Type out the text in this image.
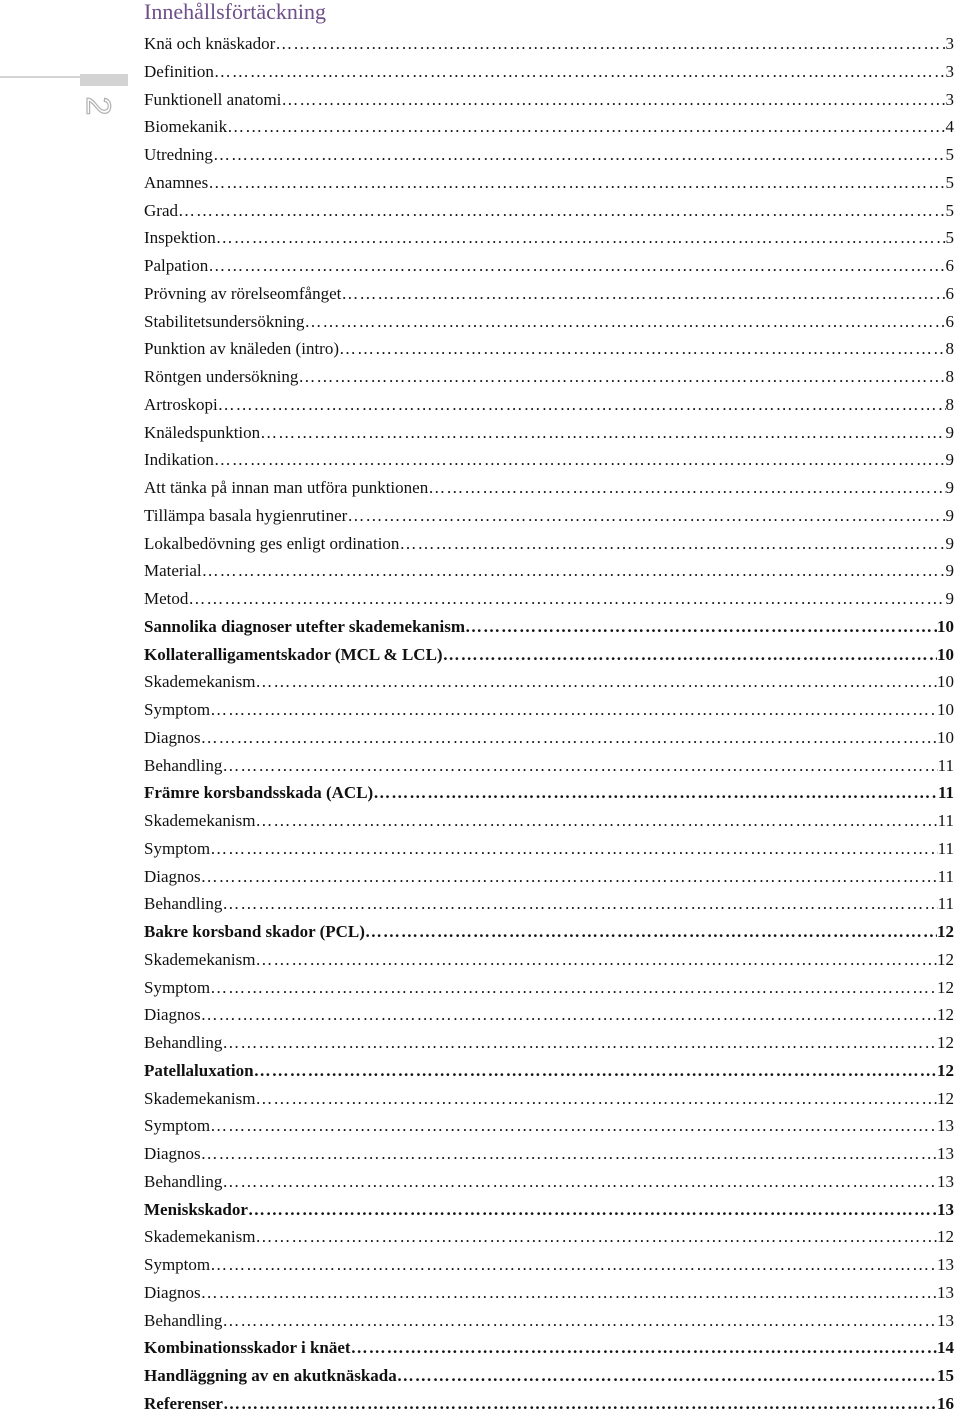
2
Innehållsförtäckning
Knä och knäskador ……………………………………………………………………………………………………………………………………………………………………………	3
Definition ……………………………………………………………………………………………………………………………………………………………………………	3
Funktionell anatomi ……………………………………………………………………………………………………………………………………………………………………………	3
Biomekanik ……………………………………………………………………………………………………………………………………………………………………………	4
Utredning ……………………………………………………………………………………………………………………………………………………………………………	5
Anamnes ……………………………………………………………………………………………………………………………………………………………………………	5
Grad ……………………………………………………………………………………………………………………………………………………………………………	5
Inspektion ……………………………………………………………………………………………………………………………………………………………………………	5
Palpation ……………………………………………………………………………………………………………………………………………………………………………	6
Prövning av rörelseomfånget ……………………………………………………………………………………………………………………………………………………………………………	6
Stabilitetsundersökning ……………………………………………………………………………………………………………………………………………………………………………	6
Punktion av knäleden (intro) ……………………………………………………………………………………………………………………………………………………………………………	8
Röntgen undersökning ……………………………………………………………………………………………………………………………………………………………………………	8
Artroskopi ……………………………………………………………………………………………………………………………………………………………………………	8
Knäledspunktion ……………………………………………………………………………………………………………………………………………………………………………	9
Indikation ……………………………………………………………………………………………………………………………………………………………………………	9
Att tänka på innan man utföra punktionen ……………………………………………………………………………………………………………………………………………………………………………	9
Tillämpa basala hygienrutiner ……………………………………………………………………………………………………………………………………………………………………………	9
Lokalbedövning ges enligt ordination ……………………………………………………………………………………………………………………………………………………………………………	9
Material ……………………………………………………………………………………………………………………………………………………………………………	9
Metod ……………………………………………………………………………………………………………………………………………………………………………	9
Sannolika diagnoser utefter skademekanism ……………………………………………………………………………………………………………………………………………………………………………	10
Kollateralligamentskador (MCL & LCL) ……………………………………………………………………………………………………………………………………………………………………………	10
Skademekanism ……………………………………………………………………………………………………………………………………………………………………………	10
Symptom ……………………………………………………………………………………………………………………………………………………………………………	10
Diagnos ……………………………………………………………………………………………………………………………………………………………………………	10
Behandling ……………………………………………………………………………………………………………………………………………………………………………	11
Främre korsbandsskada (ACL) ……………………………………………………………………………………………………………………………………………………………………………	11
Skademekanism ……………………………………………………………………………………………………………………………………………………………………………	11
Symptom ……………………………………………………………………………………………………………………………………………………………………………	11
Diagnos ……………………………………………………………………………………………………………………………………………………………………………	11
Behandling ……………………………………………………………………………………………………………………………………………………………………………	11
Bakre korsband skador (PCL) ……………………………………………………………………………………………………………………………………………………………………………	12
Skademekanism ……………………………………………………………………………………………………………………………………………………………………………	12
Symptom ……………………………………………………………………………………………………………………………………………………………………………	12
Diagnos ……………………………………………………………………………………………………………………………………………………………………………	12
Behandling ……………………………………………………………………………………………………………………………………………………………………………	12
Patellaluxation ……………………………………………………………………………………………………………………………………………………………………………	12
Skademekanism ……………………………………………………………………………………………………………………………………………………………………………	12
Symptom ……………………………………………………………………………………………………………………………………………………………………………	13
Diagnos ……………………………………………………………………………………………………………………………………………………………………………	13
Behandling ……………………………………………………………………………………………………………………………………………………………………………	13
Meniskskador ……………………………………………………………………………………………………………………………………………………………………………	13
Skademekanism ……………………………………………………………………………………………………………………………………………………………………………	12
Symptom ……………………………………………………………………………………………………………………………………………………………………………	13
Diagnos ……………………………………………………………………………………………………………………………………………………………………………	13
Behandling ……………………………………………………………………………………………………………………………………………………………………………	13
Kombinationsskador i knäet ……………………………………………………………………………………………………………………………………………………………………………	14
Handläggning av en akutknäskada ……………………………………………………………………………………………………………………………………………………………………………	15
Referenser ……………………………………………………………………………………………………………………………………………………………………………	16
